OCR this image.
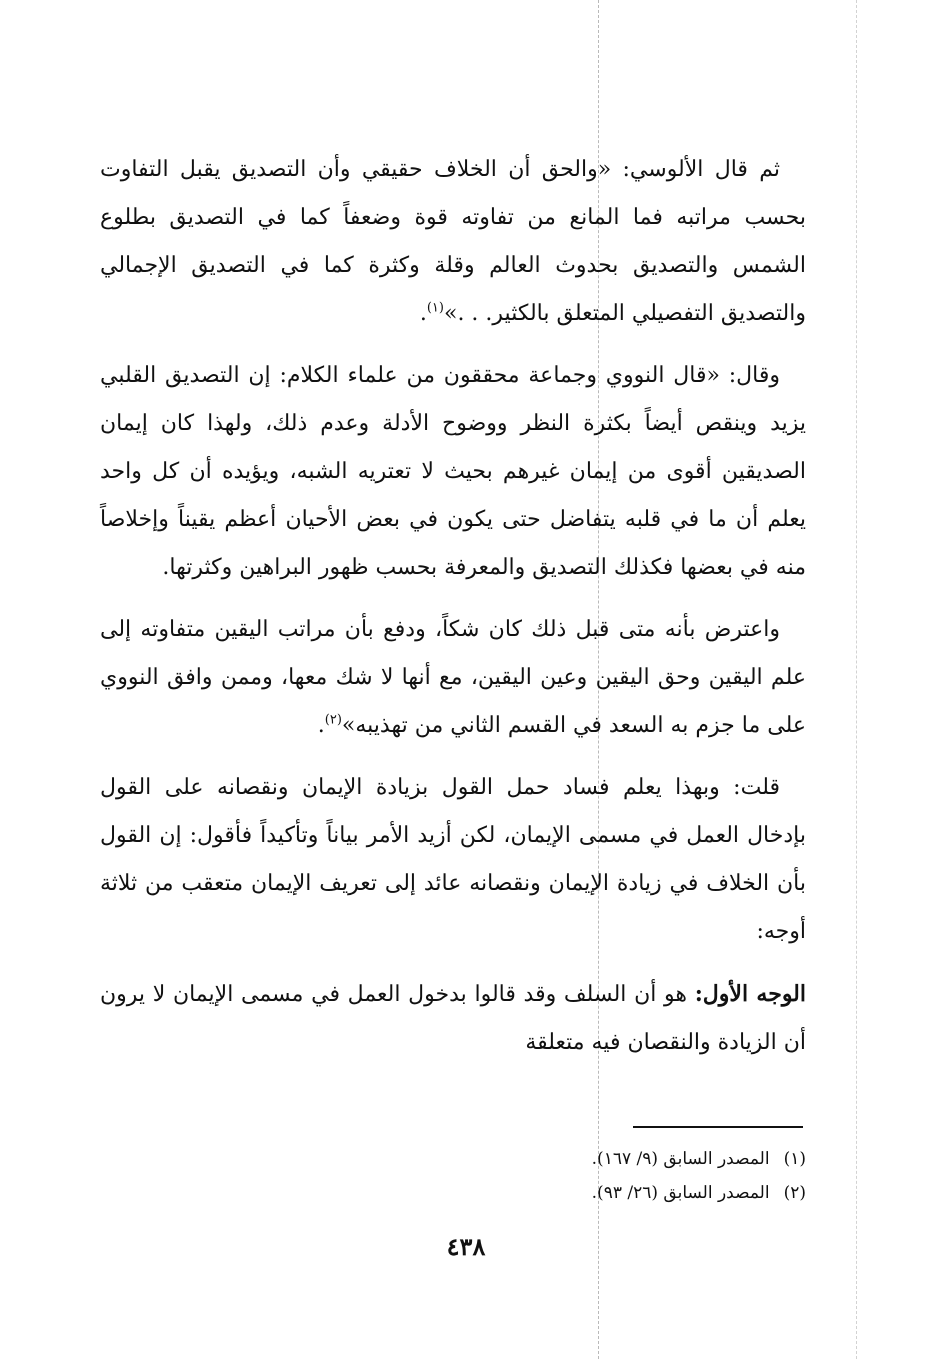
ثم قال الألوسي: «والحق أن الخلاف حقيقي وأن التصديق يقبل التفاوت بحسب مراتبه فما المانع من تفاوته قوة وضعفاً كما في التصديق بطلوع الشمس والتصديق بحدوث العالم وقلة وكثرة كما في التصديق الإجمالي والتصديق التفصيلي المتعلق بالكثير. . .»$^{(١)}$.

وقال: «قال النووي وجماعة محققون من علماء الكلام: إن التصديق القلبي يزيد وينقص أيضاً بكثرة النظر ووضوح الأدلة وعدم ذلك، ولهذا كان إيمان الصديقين أقوى من إيمان غيرهم بحيث لا تعتريه الشبه، ويؤيده أن كل واحد يعلم أن ما في قلبه يتفاضل حتى يكون في بعض الأحيان أعظم يقيناً وإخلاصاً منه في بعضها فكذلك التصديق والمعرفة بحسب ظهور البراهين وكثرتها.

واعترض بأنه متى قبل ذلك كان شكاً، ودفع بأن مراتب اليقين متفاوته إلى علم اليقين وحق اليقين وعين اليقين، مع أنها لا شك معها، وممن وافق النووي على ما جزم به السعد في القسم الثاني من تهذيبه»$^{(٢)}$.

قلت: وبهذا يعلم فساد حمل القول بزيادة الإيمان ونقصانه على القول بإدخال العمل في مسمى الإيمان، لكن أزيد الأمر بياناً وتأكيداً فأقول: إن القول بأن الخلاف في زيادة الإيمان ونقصانه عائد إلى تعريف الإيمان متعقب من ثلاثة أوجه:

الوجه الأول: هو أن السلف وقد قالوا بدخول العمل في مسمى الإيمان لا يرون أن الزيادة والنقصان فيه متعلقة

(١)المصدر السابق (٩/ ١٦٧).
(٢)المصدر السابق (٢٦/ ٩٣).
٤٣٨
